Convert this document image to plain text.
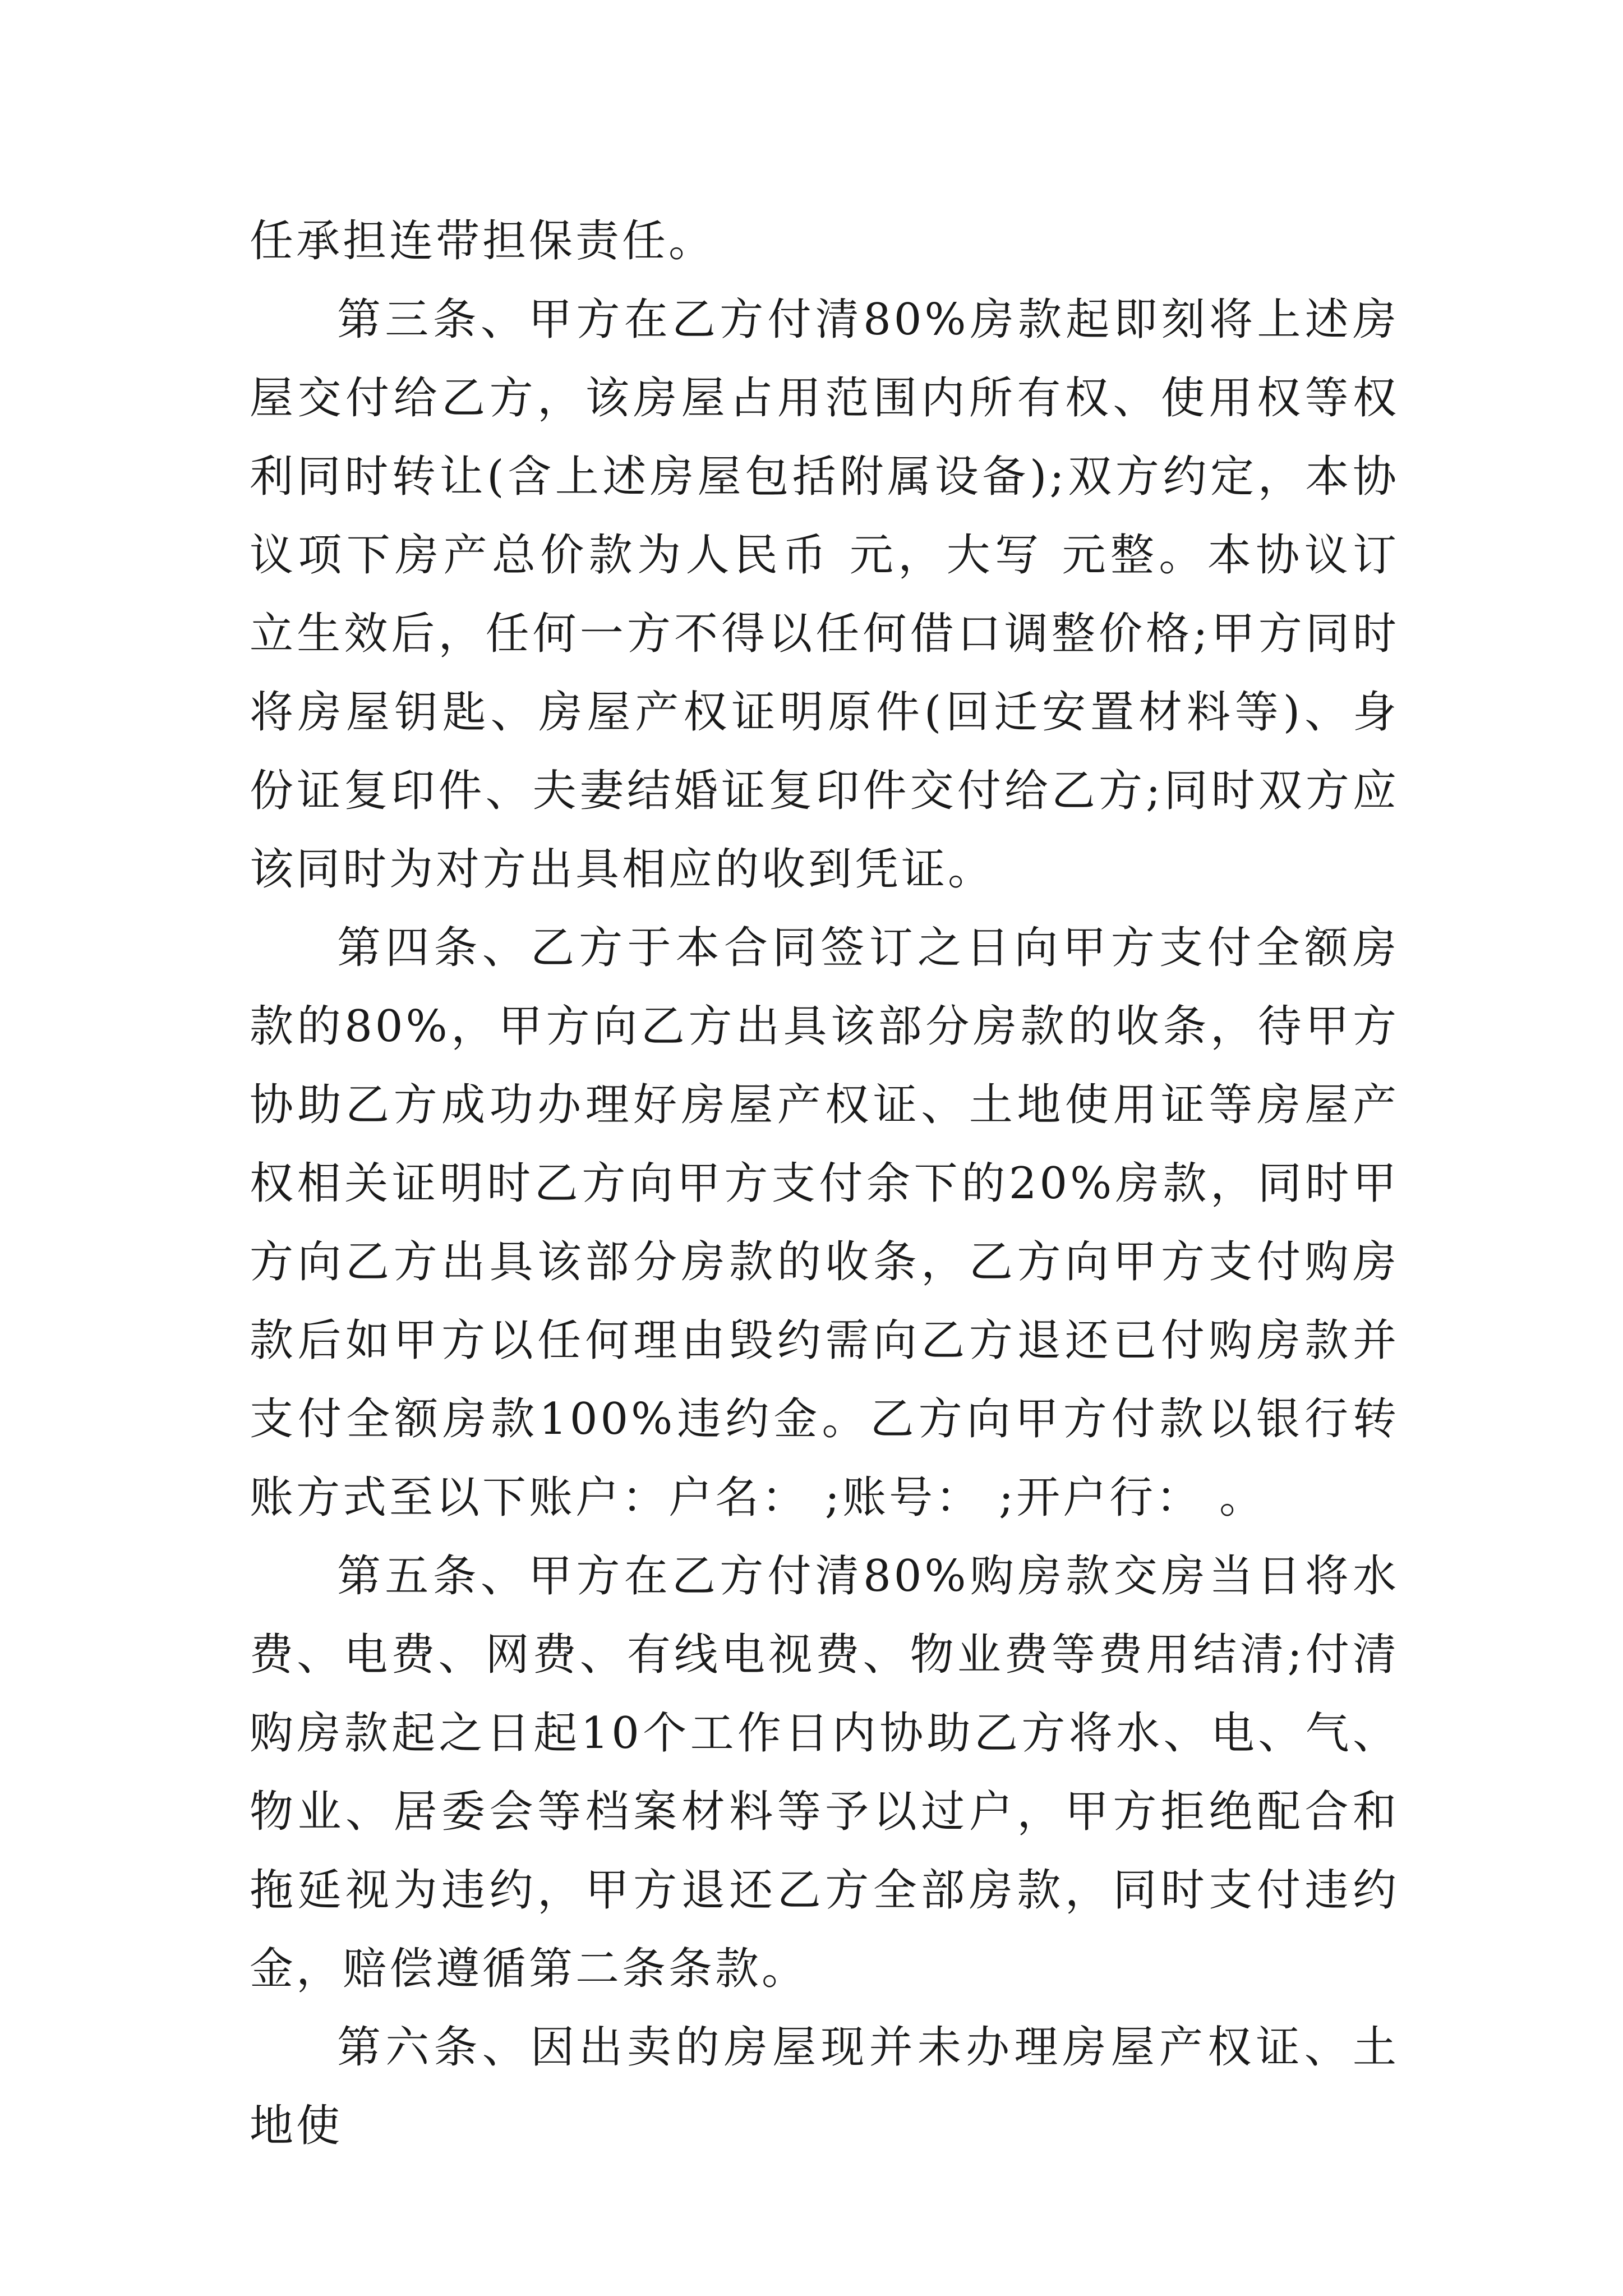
任承担连带担保责任。

第三条、甲方在乙方付清80%房款起即刻将上述房屋交付给乙方，该房屋占用范围内所有权、使用权等权利同时转让(含上述房屋包括附属设备);双方约定，本协议项下房产总价款为人民币 元，大写 元整。本协议订立生效后，任何一方不得以任何借口调整价格;甲方同时将房屋钥匙、房屋产权证明原件(回迁安置材料等)、身份证复印件、夫妻结婚证复印件交付给乙方;同时双方应该同时为对方出具相应的收到凭证。

第四条、乙方于本合同签订之日向甲方支付全额房款的80%，甲方向乙方出具该部分房款的收条，待甲方协助乙方成功办理好房屋产权证、土地使用证等房屋产权相关证明时乙方向甲方支付余下的20%房款，同时甲方向乙方出具该部分房款的收条，乙方向甲方支付购房款后如甲方以任何理由毁约需向乙方退还已付购房款并 支付全额房款100%违约金。乙方向甲方付款以银行转账方式至以下账户：户名： ;账号： ;开户行： 。

第五条、甲方在乙方付清80%购房款交房当日将水费、电费、网费、有线电视费、物业费等费用结清;付清购房款起之日起10个工作日内协助乙方将水、电、气、物业、居委会等档案材料等予以过户，甲方拒绝配合和拖延视为违约，甲方退还乙方全部房款，同时支付违约金，赔偿遵循第二条条款。

第六条、因出卖的房屋现并未办理房屋产权证、土地使
